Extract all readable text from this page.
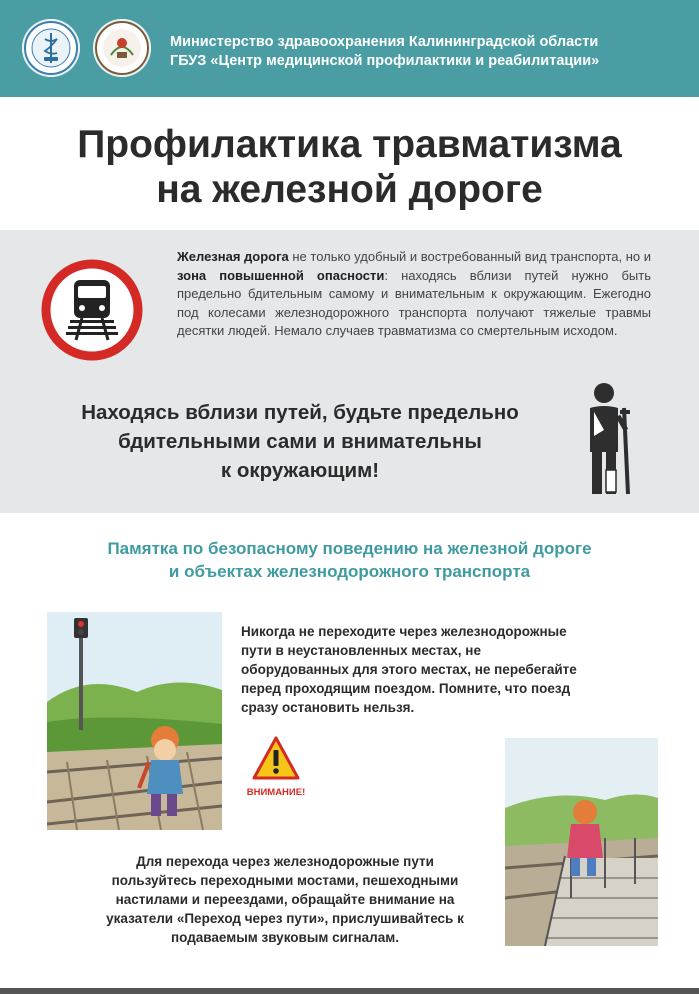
Министерство здравоохранения Калининградской области
ГБУЗ «Центр медицинской профилактики и реабилитации»
Профилактика травматизма
на железной дороге
Железная дорога не только удобный и востребованный вид транспорта, но и зона повышенной опасности: находясь вблизи путей нужно быть предельно бдительным самому и внимательным к окружающим. Ежегодно под колесами железнодорожного транспорта получают тяжелые травмы десятки людей. Немало случаев травматизма со смертельным исходом.
Находясь вблизи путей, будьте предельно
бдительными сами и внимательны
к окружающим!
Памятка по безопасному поведению на железной дороге
и объектах железнодорожного транспорта
Никогда не переходите через железнодорожные
пути в неустановленных местах, не
оборудованных для этого местах, не перебегайте
перед проходящим поездом. Помните, что поезд
сразу остановить нельзя.
ВНИМАНИЕ!
Для перехода через железнодорожные пути
пользуйтесь переходными мостами, пешеходными
настилами и переездами, обращайте внимание на
указатели «Переход через пути», прислушивайтесь к
подаваемым звуковым сигналам.
